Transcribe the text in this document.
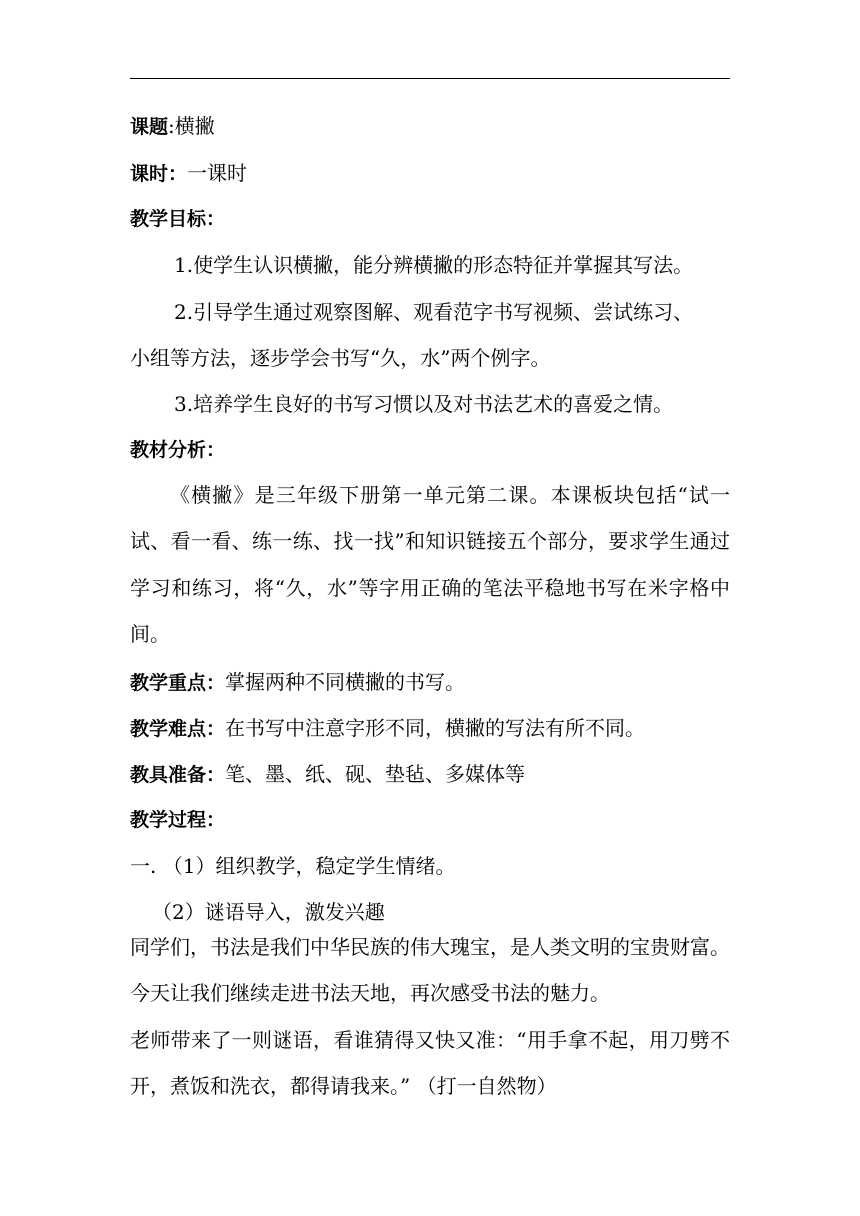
课题:横撇
课时：一课时
教学目标：
1.使学生认识横撇，能分辨横撇的形态特征并掌握其写法。
2.引导学生通过观察图解、观看范字书写视频、尝试练习、
小组等方法，逐步学会书写“久，水”两个例字。
3.培养学生良好的书写习惯以及对书法艺术的喜爱之情。
教材分析：
《横撇》是三年级下册第一单元第二课。本课板块包括“试一试、看一看、练一练、找一找”和知识链接五个部分，要求学生通过学习和练习，将“久，水”等字用正确的笔法平稳地书写在米字格中间。
教学重点：掌握两种不同横撇的书写。
教学难点：在书写中注意字形不同，横撇的写法有所不同。
教具准备：笔、墨、纸、砚、垫毡、多媒体等
教学过程：
一. （1）组织教学，稳定学生情绪。
（2）谜语导入，激发兴趣
同学们，书法是我们中华民族的伟大瑰宝，是人类文明的宝贵财富。今天让我们继续走进书法天地，再次感受书法的魅力。
老师带来了一则谜语，看谁猜得又快又准：“用手拿不起，用刀劈不开，煮饭和洗衣，都得请我来。” （打一自然物）
